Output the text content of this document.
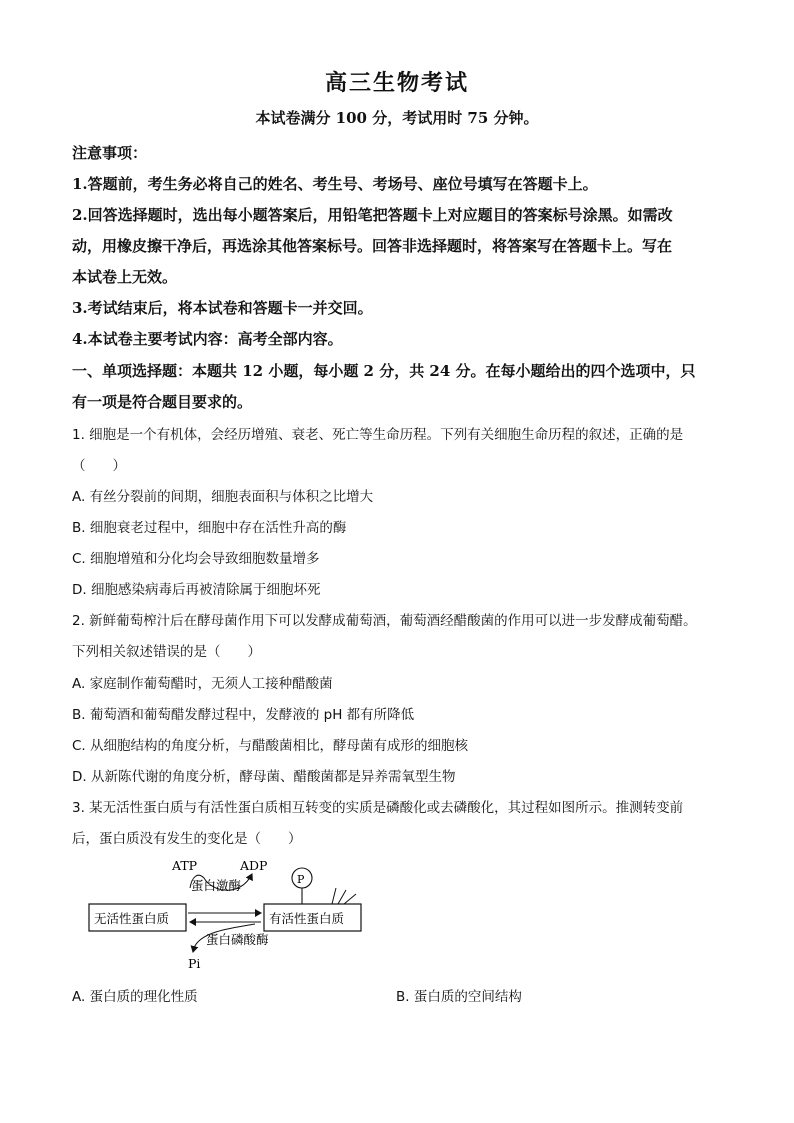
高三生物考试
本试卷满分 100 分，考试用时 75 分钟。
注意事项：
1.答题前，考生务必将自己的姓名、考生号、考场号、座位号填写在答题卡上。
2.回答选择题时，选出每小题答案后，用铅笔把答题卡上对应题目的答案标号涂黑。如需改
动，用橡皮擦干净后，再选涂其他答案标号。回答非选择题时，将答案写在答题卡上。写在
本试卷上无效。
3.考试结束后，将本试卷和答题卡一并交回。
4.本试卷主要考试内容：高考全部内容。
一、单项选择题：本题共 12 小题，每小题 2 分，共 24 分。在每小题给出的四个选项中，只
有一项是符合题目要求的。
1. 细胞是一个有机体，会经历增殖、衰老、死亡等生命历程。下列有关细胞生命历程的叙述，正确的是
（　　）
A. 有丝分裂前的间期，细胞表面积与体积之比增大
B. 细胞衰老过程中，细胞中存在活性升高的酶
C. 细胞增殖和分化均会导致细胞数量增多
D. 细胞感染病毒后再被清除属于细胞坏死
2. 新鲜葡萄榨汁后在酵母菌作用下可以发酵成葡萄酒，葡萄酒经醋酸菌的作用可以进一步发酵成葡萄醋。
下列相关叙述错误的是（　　）
A. 家庭制作葡萄醋时，无须人工接种醋酸菌
B. 葡萄酒和葡萄醋发酵过程中，发酵液的 pH 都有所降低
C. 从细胞结构的角度分析，与醋酸菌相比，酵母菌有成形的细胞核
D. 从新陈代谢的角度分析，酵母菌、醋酸菌都是异养需氧型生物
3. 某无活性蛋白质与有活性蛋白质相互转变的实质是磷酸化或去磷酸化，其过程如图所示。推测转变前
后，蛋白质没有发生的变化是（　　）
ATP	ADP
蛋白激酶	P
无活性蛋白质	有活性蛋白质
蛋白磷酸酶
Pi
A. 蛋白质的理化性质	B. 蛋白质的空间结构
